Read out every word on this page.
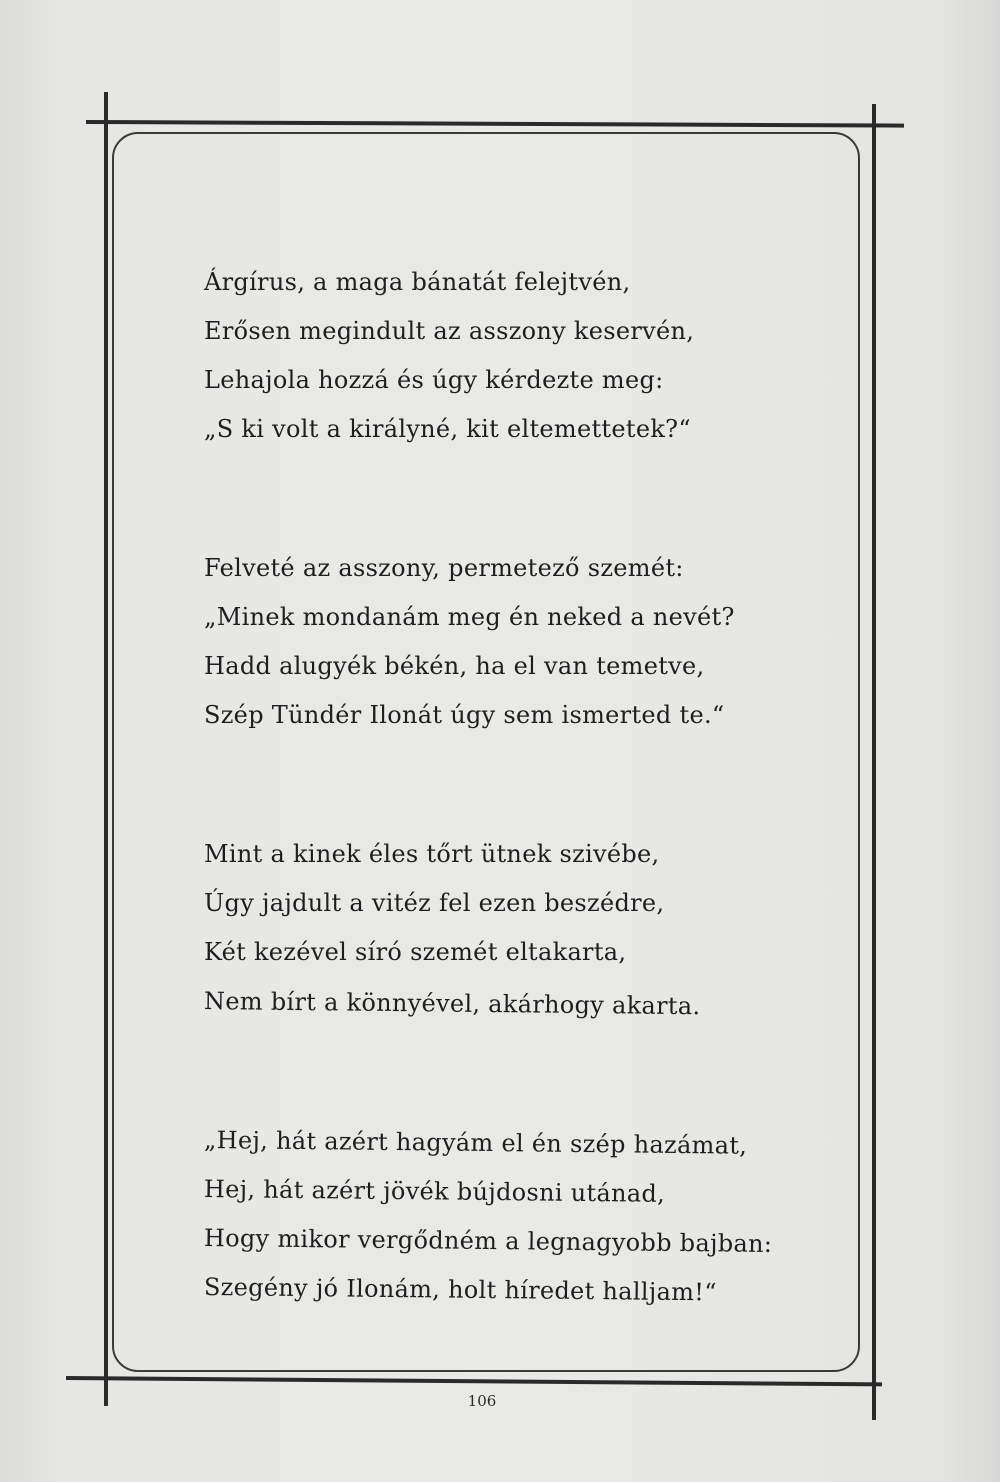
Árgírus, a maga bánatát felejtvén,
Erősen megindult az asszony keservén,
Lehajola hozzá és úgy kérdezte meg:
„S ki volt a királyné, kit eltemettetek?“
Felveté az asszony, permetező szemét:
„Minek mondanám meg én neked a nevét?
Hadd alugyék békén, ha el van temetve,
Szép Tündér Ilonát úgy sem ismerted te.“
Mint a kinek éles tőrt ütnek szivébe,
Úgy jajdult a vitéz fel ezen beszédre,
Két kezével síró szemét eltakarta,
Nem bírt a könnyével, akárhogy akarta.
„Hej, hát azért hagyám el én szép hazámat,
Hej, hát azért jövék bújdosni utánad,
Hogy mikor vergődném a legnagyobb bajban:
Szegény jó Ilonám, holt híredet halljam!“
106
